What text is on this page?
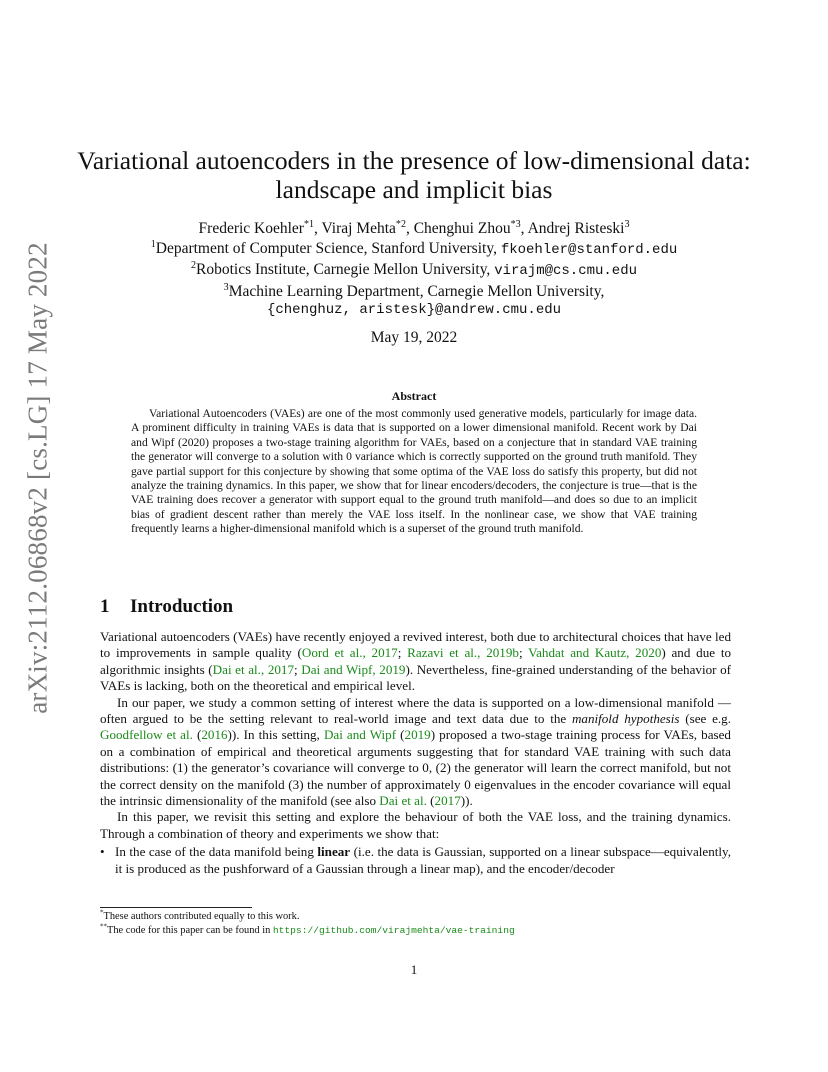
arXiv:2112.06868v2 [cs.LG] 17 May 2022
Variational autoencoders in the presence of low-dimensional data:
landscape and implicit bias
Frederic Koehler$^{*1}$, Viraj Mehta$^{*2}$, Chenghui Zhou$^{*3}$, Andrej Risteski$^3$
$^1$Department of Computer Science, Stanford University, fkoehler@stanford.edu
$^2$Robotics Institute, Carnegie Mellon University, virajm@cs.cmu.edu
$^3$Machine Learning Department, Carnegie Mellon University,
{chenghuz, aristesk}@andrew.cmu.edu
May 19, 2022
Abstract
Variational Autoencoders (VAEs) are one of the most commonly used generative models, particularly for image data. A prominent difficulty in training VAEs is data that is supported on a lower dimensional manifold. Recent work by Dai and Wipf (2020) proposes a two-stage training algorithm for VAEs, based on a conjecture that in standard VAE training the generator will converge to a solution with 0 variance which is correctly supported on the ground truth manifold. They gave partial support for this conjecture by showing that some optima of the VAE loss do satisfy this property, but did not analyze the training dynamics. In this paper, we show that for linear encoders/decoders, the conjecture is true—that is the VAE training does recover a generator with support equal to the ground truth manifold—and does so due to an implicit bias of gradient descent rather than merely the VAE loss itself. In the nonlinear case, we show that VAE training frequently learns a higher-dimensional manifold which is a superset of the ground truth manifold.
1 Introduction

Variational autoencoders (VAEs) have recently enjoyed a revived interest, both due to architectural choices that have led to improvements in sample quality (Oord et al., 2017; Razavi et al., 2019b; Vahdat and Kautz, 2020) and due to algorithmic insights (Dai et al., 2017; Dai and Wipf, 2019). Nevertheless, fine-grained understanding of the behavior of VAEs is lacking, both on the theoretical and empirical level.

In our paper, we study a common setting of interest where the data is supported on a low-dimensional manifold — often argued to be the setting relevant to real-world image and text data due to the manifold hypothesis (see e.g. Goodfellow et al. (2016)). In this setting, Dai and Wipf (2019) proposed a two-stage training process for VAEs, based on a combination of empirical and theoretical arguments suggesting that for standard VAE training with such data distributions: (1) the generator’s covariance will converge to 0, (2) the generator will learn the correct manifold, but not the correct density on the manifold (3) the number of approximately 0 eigenvalues in the encoder covariance will equal the intrinsic dimensionality of the manifold (see also Dai et al. (2017)).

In this paper, we revisit this setting and explore the behaviour of both the VAE loss, and the training dynamics. Through a combination of theory and experiments we show that:

• In the case of the data manifold being linear (i.e. the data is Gaussian, supported on a linear subspace—equivalently, it is produced as the pushforward of a Gaussian through a linear map), and the encoder/decoder
*These authors contributed equally to this work.
**The code for this paper can be found in https://github.com/virajmehta/vae-training
1
